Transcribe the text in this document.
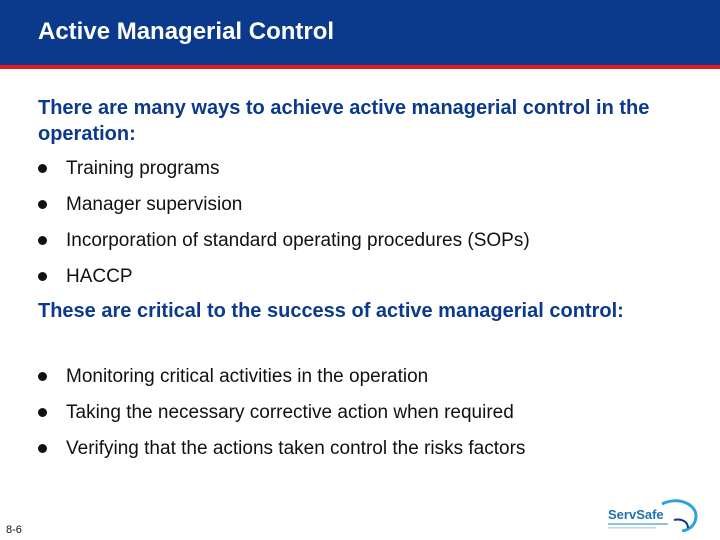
Active Managerial Control

There are many ways to achieve active managerial control in the operation:

Training programs
Manager supervision
Incorporation of standard operating procedures (SOPs)
HACCP

These are critical to the success of active managerial control:

Monitoring critical activities in the operation
Taking the necessary corrective action when required
Verifying that the actions taken control the risks factors
8-6
ServSafe
